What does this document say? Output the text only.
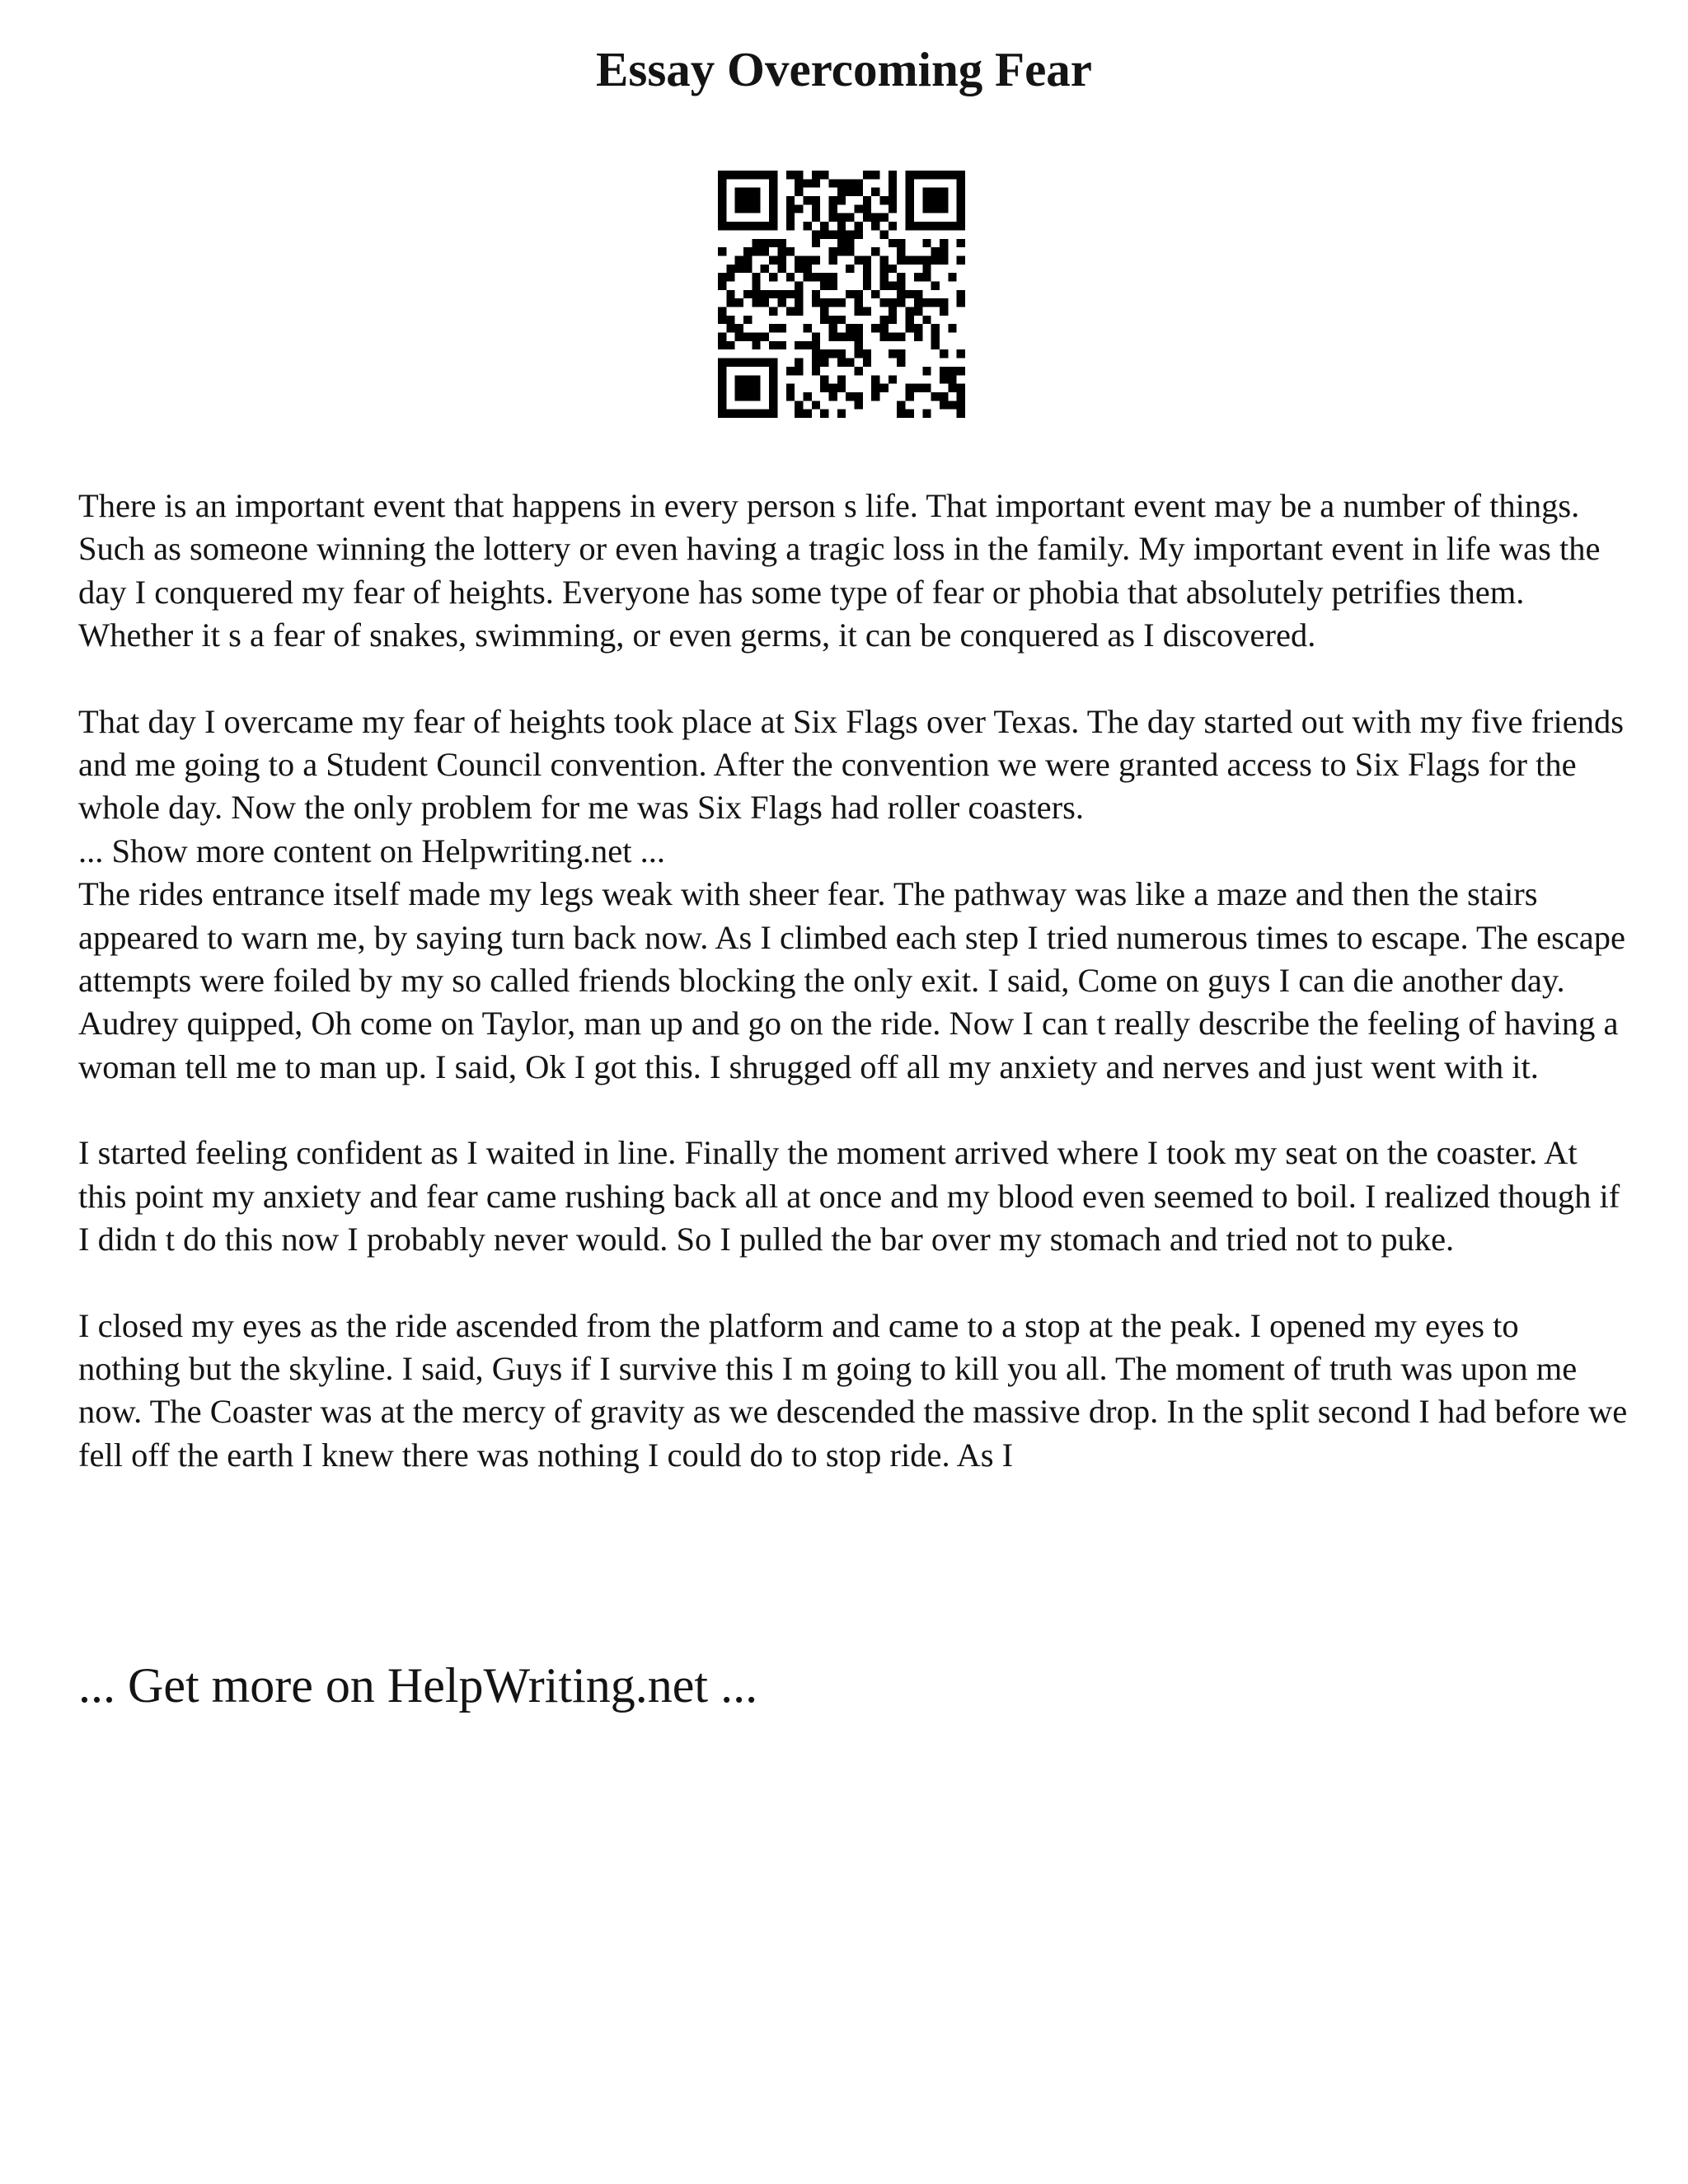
Essay Overcoming Fear

There is an important event that happens in every person s life. That important event may be a number of things. Such as someone winning the lottery or even having a tragic loss in the family. My important event in life was the day I conquered my fear of heights. Everyone has some type of fear or phobia that absolutely petrifies them. Whether it s a fear of snakes, swimming, or even germs, it can be conquered as I discovered.

That day I overcame my fear of heights took place at Six Flags over Texas. The day started out with my five friends and me going to a Student Council convention. After the convention we were granted access to Six Flags for the whole day. Now the only problem for me was Six Flags had roller coasters.

... Show more content on Helpwriting.net ...

The rides entrance itself made my legs weak with sheer fear. The pathway was like a maze and then the stairs appeared to warn me, by saying turn back now. As I climbed each step I tried numerous times to escape. The escape attempts were foiled by my so called friends blocking the only exit. I said, Come on guys I can die another day. Audrey quipped, Oh come on Taylor, man up and go on the ride. Now I can t really describe the feeling of having a woman tell me to man up. I said, Ok I got this. I shrugged off all my anxiety and nerves and just went with it.

I started feeling confident as I waited in line. Finally the moment arrived where I took my seat on the coaster. At this point my anxiety and fear came rushing back all at once and my blood even seemed to boil. I realized though if I didn t do this now I probably never would. So I pulled the bar over my stomach and tried not to puke.

I closed my eyes as the ride ascended from the platform and came to a stop at the peak. I opened my eyes to nothing but the skyline. I said, Guys if I survive this I m going to kill you all. The moment of truth was upon me now. The Coaster was at the mercy of gravity as we descended the massive drop. In the split second I had before we fell off the earth I knew there was nothing I could do to stop ride. As I

... Get more on HelpWriting.net ...
